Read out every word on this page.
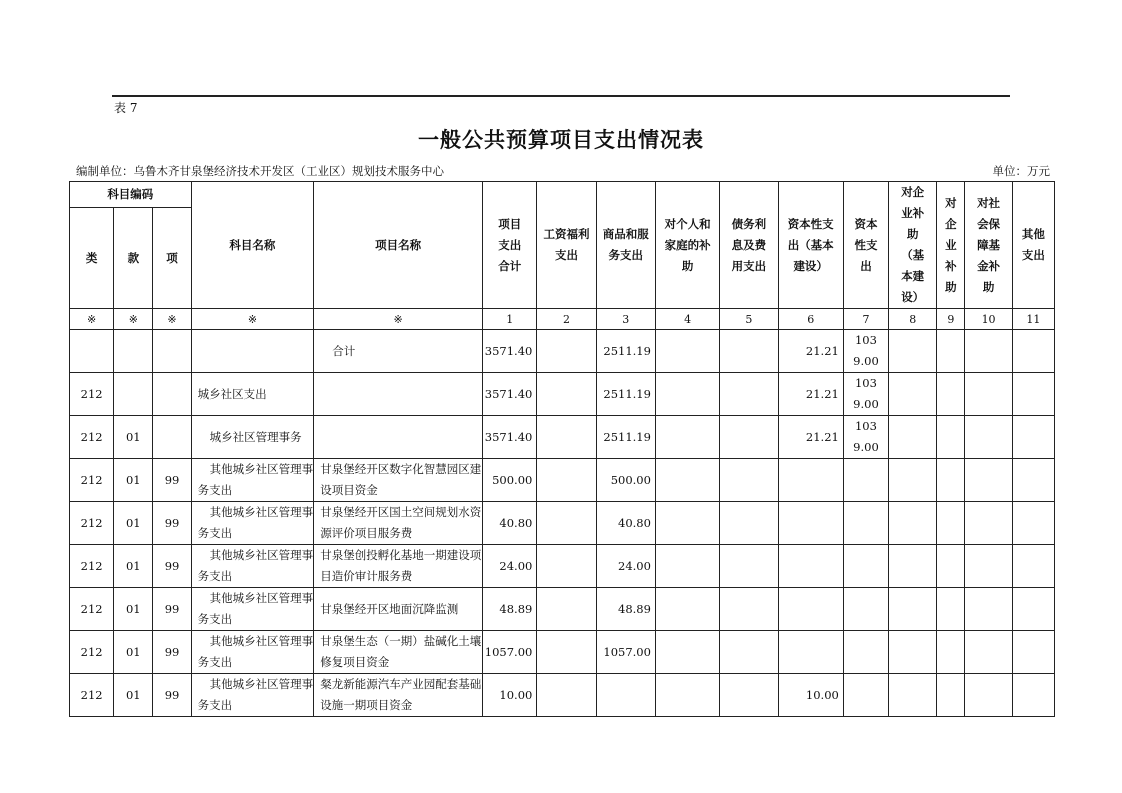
表 7
一般公共预算项目支出情况表
编制单位：乌鲁木齐甘泉堡经济技术开发区（工业区）规划技术服务中心	单位：万元
科目编码			科目名称	项目名称	项目支出合计	工资福利支出	商品和服务支出	对个人和家庭的补助	债务利息及费用支出	资本性支出（基本建设）	资本性支出	对企业补助（基本建设）	对企业补助	对社会保障基金补助	其他支出

类	款	项													
※	※	※	※	※	1	2	3	4	5	6	7	8	9	10	11
				合计	3571.40		2511.19			21.21	1039.00				

212			城乡社区支出		3571.40		2511.19			21.21	1039.00				

212	01		城乡社区管理事务		3571.40		2511.19			21.21	1039.00				

212	01	99	其他城乡社区管理事务支出	甘泉堡经开区数字化智慧园区建设项目资金	500.00		500.00				

212	01	99	其他城乡社区管理事务支出	甘泉堡经开区国土空间规划水资源评价项目服务费	40.80		40.80				

212	01	99	其他城乡社区管理事务支出	甘泉堡创投孵化基地一期建设项目造价审计服务费	24.00		24.00				

212	01	99	其他城乡社区管理事务支出	甘泉堡经开区地面沉降监测	48.89		48.89				

212	01	99	其他城乡社区管理事务支出	甘泉堡生态（一期）盐碱化土壤修复项目资金	1057.00		1057.00				

212	01	99	其他城乡社区管理事务支出	粲龙新能源汽车产业园配套基础设施一期项目资金	10.00					10.00	
